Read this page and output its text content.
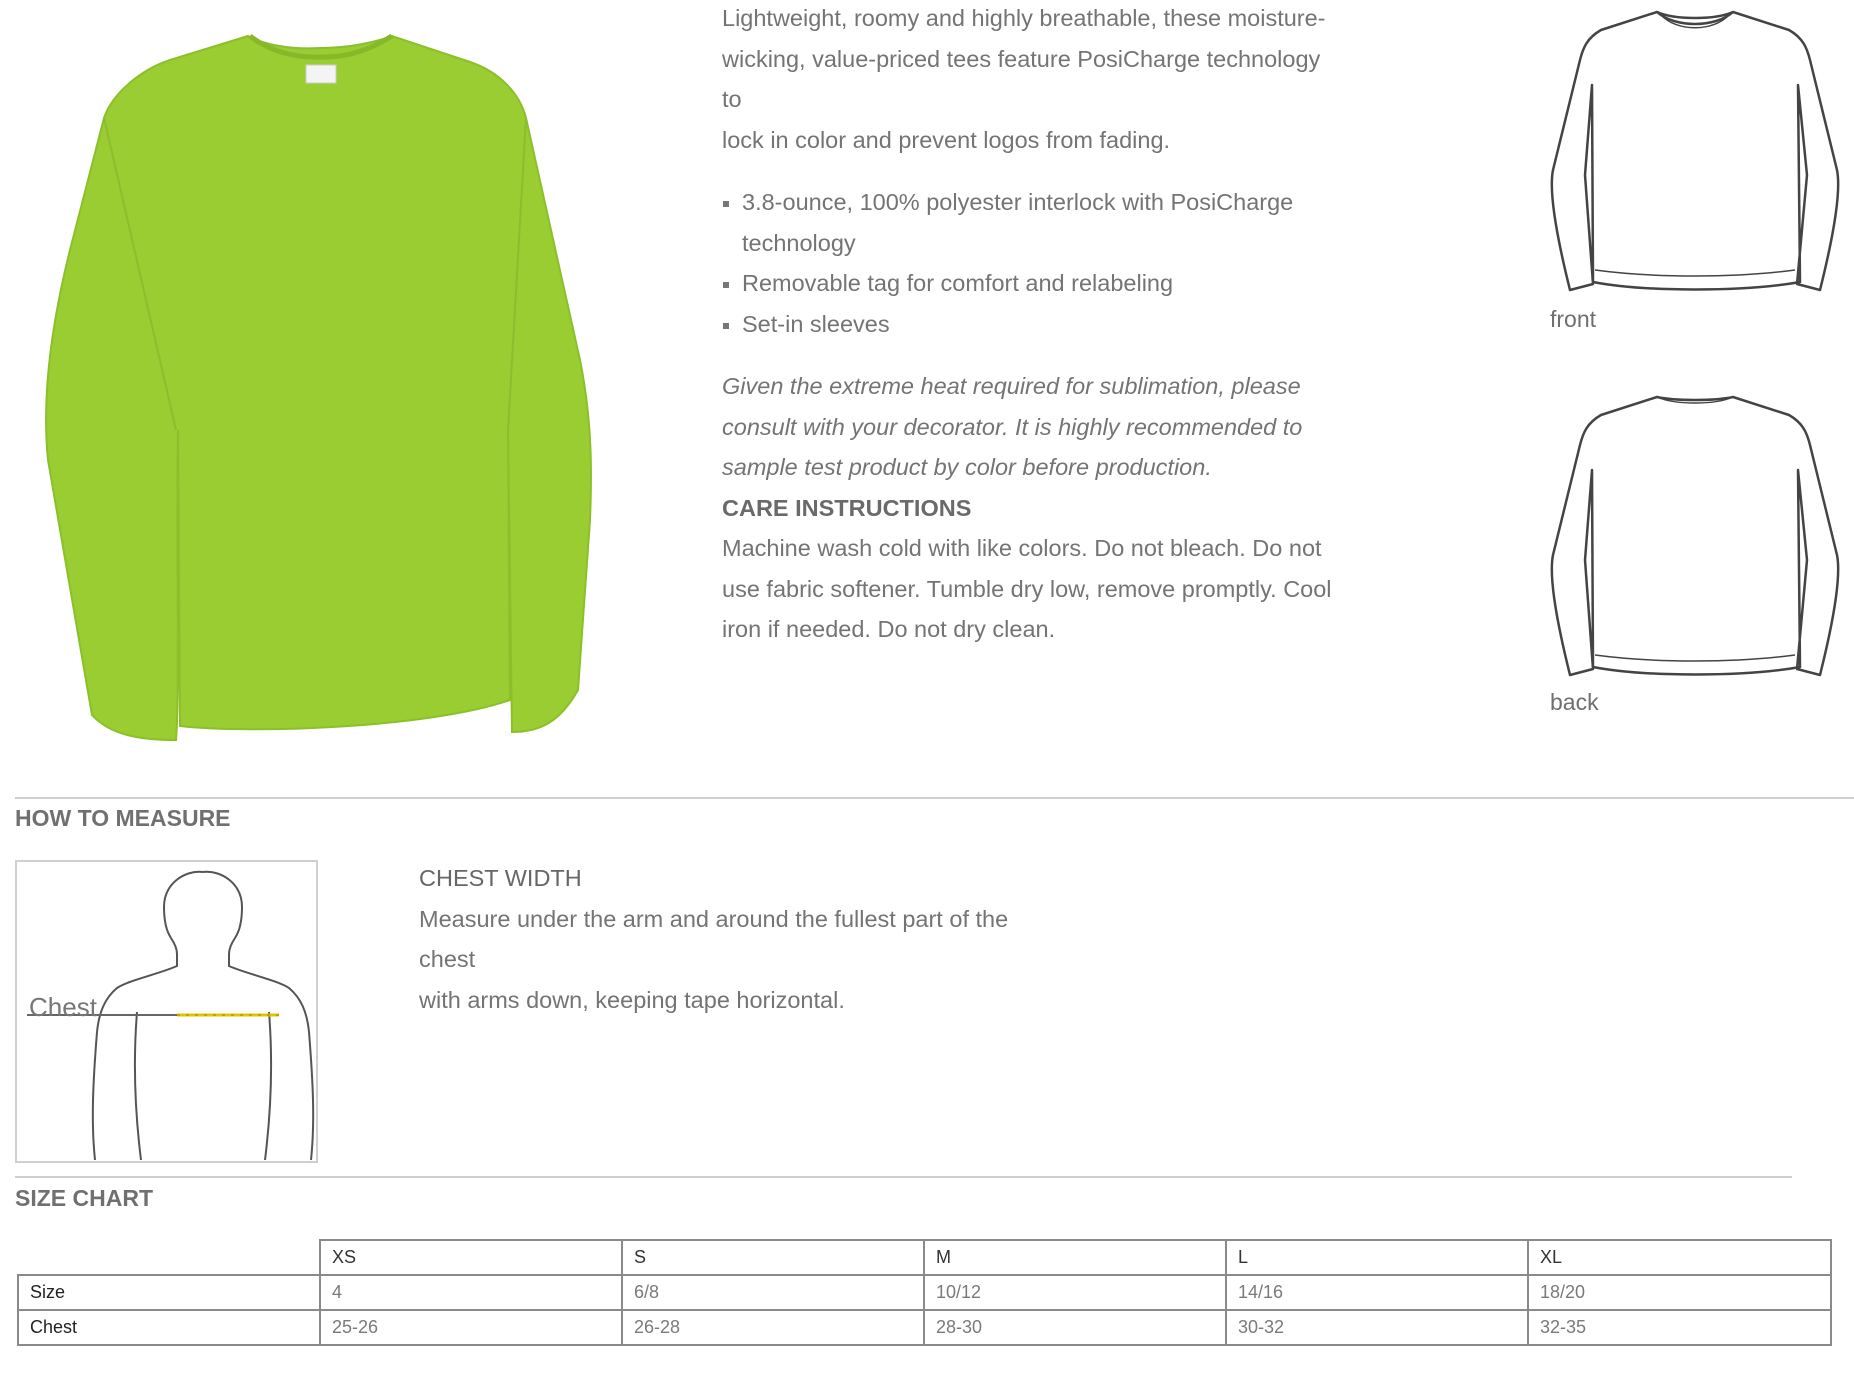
Lightweight, roomy and highly breathable, these moisture-

wicking, value-priced tees feature PosiCharge technology to

lock in color and prevent logos from fading.

3.8-ounce, 100% polyester interlock with PosiCharge technology
Removable tag for comfort and relabeling
Set-in sleeves

Given the extreme heat required for sublimation, please

consult with your decorator. It is highly recommended to

sample test product by color before production.

CARE INSTRUCTIONS

Machine wash cold with like colors. Do not bleach. Do not

use fabric softener. Tumble dry low, remove promptly. Cool

iron if needed. Do not dry clean.

front
back
HOW TO MEASURE
Chest

CHEST WIDTH

Measure under the arm and around the fullest part of the chest

with arms down, keeping tape horizontal.

SIZE CHART
	XS	S	M	L	XL
Size	4	6/8	10/12	14/16	18/20
Chest	25-26	26-28	28-30	30-32	32-35
